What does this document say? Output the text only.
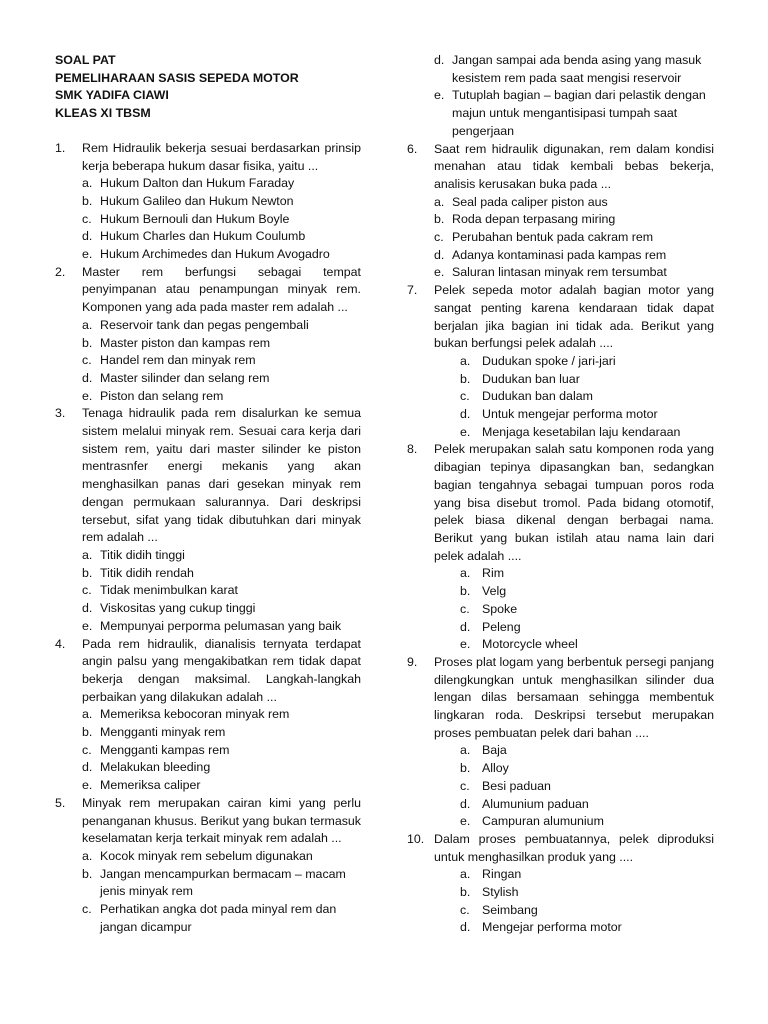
SOAL PAT
PEMELIHARAAN SASIS SEPEDA MOTOR
SMK YADIFA CIAWI
KLEAS XI TBSM
1.	Rem Hidraulik bekerja sesuai berdasarkan prinsip kerja beberapa hukum dasar fisika, yaitu ...
a. Hukum Dalton dan Hukum Faraday
b. Hukum Galileo dan Hukum Newton
c. Hukum Bernouli dan Hukum Boyle
d. Hukum Charles dan Hukum Coulumb
e. Hukum Archimedes dan Hukum Avogadro
2.	Master rem berfungsi sebagai tempat penyimpanan atau penampungan minyak rem. Komponen yang ada pada master rem adalah ...
a. Reservoir tank dan pegas pengembali
b. Master piston dan kampas rem
c. Handel rem dan minyak rem
d. Master silinder dan selang rem
e. Piston dan selang rem
3.	Tenaga hidraulik pada rem disalurkan ke semua sistem melalui minyak rem. Sesuai cara kerja dari sistem rem, yaitu dari master silinder ke piston mentrasnfer energi mekanis yang akan menghasilkan panas dari gesekan minyak rem dengan permukaan salurannya. Dari deskripsi tersebut, sifat yang tidak dibutuhkan dari minyak rem adalah ...
a. Titik didih tinggi
b. Titik didih rendah
c. Tidak menimbulkan karat
d. Viskositas yang cukup tinggi
e. Mempunyai perporma pelumasan yang baik
4.	Pada rem hidraulik, dianalisis ternyata terdapat angin palsu yang mengakibatkan rem tidak dapat bekerja dengan maksimal. Langkah-langkah perbaikan yang dilakukan adalah ...
a. Memeriksa kebocoran minyak rem
b. Mengganti minyak rem
c. Mengganti kampas rem
d. Melakukan bleeding
e. Memeriksa caliper
5.	Minyak rem merupakan cairan kimi yang perlu penanganan khusus. Berikut yang bukan termasuk keselamatan kerja terkait minyak rem adalah ...
a. Kocok minyak rem sebelum digunakan
b. Jangan mencampurkan bermacam – macam jenis minyak rem
c. Perhatikan angka dot pada minyal rem dan jangan dicampur
d. Jangan sampai ada benda asing yang masuk kesistem rem pada saat mengisi reservoir
e. Tutuplah bagian – bagian dari pelastik dengan majun untuk mengantisipasi tumpah saat pengerjaan
6.	Saat rem hidraulik digunakan, rem dalam kondisi menahan atau tidak kembali bebas bekerja, analisis kerusakan buka pada ...
a. Seal pada caliper piston aus
b. Roda depan terpasang miring
c. Perubahan bentuk pada cakram rem
d. Adanya kontaminasi pada kampas rem
e. Saluran lintasan minyak rem tersumbat
7.	Pelek sepeda motor adalah bagian motor yang sangat penting karena kendaraan tidak dapat berjalan jika bagian ini tidak ada. Berikut yang bukan berfungsi pelek adalah ....
a. Dudukan spoke / jari-jari
b. Dudukan ban luar
c. Dudukan ban dalam
d. Untuk mengejar performa motor
e. Menjaga kesetabilan laju kendaraan
8.	Pelek merupakan salah satu komponen roda yang dibagian tepinya dipasangkan ban, sedangkan bagian tengahnya sebagai tumpuan poros roda yang bisa disebut tromol. Pada bidang otomotif, pelek biasa dikenal dengan berbagai nama. Berikut yang bukan istilah atau nama lain dari pelek adalah ....
a. Rim
b. Velg
c. Spoke
d. Peleng
e. Motorcycle wheel
9.	Proses plat logam yang berbentuk persegi panjang dilengkungkan untuk menghasilkan silinder dua lengan dilas bersamaan sehingga membentuk lingkaran roda. Deskripsi tersebut merupakan proses pembuatan pelek dari bahan ....
a. Baja
b. Alloy
c. Besi paduan
d. Alumunium paduan
e. Campuran alumunium
10. Dalam proses pembuatannya, pelek diproduksi untuk menghasilkan produk yang ....
a. Ringan
b. Stylish
c. Seimbang
d. Mengejar performa motor
